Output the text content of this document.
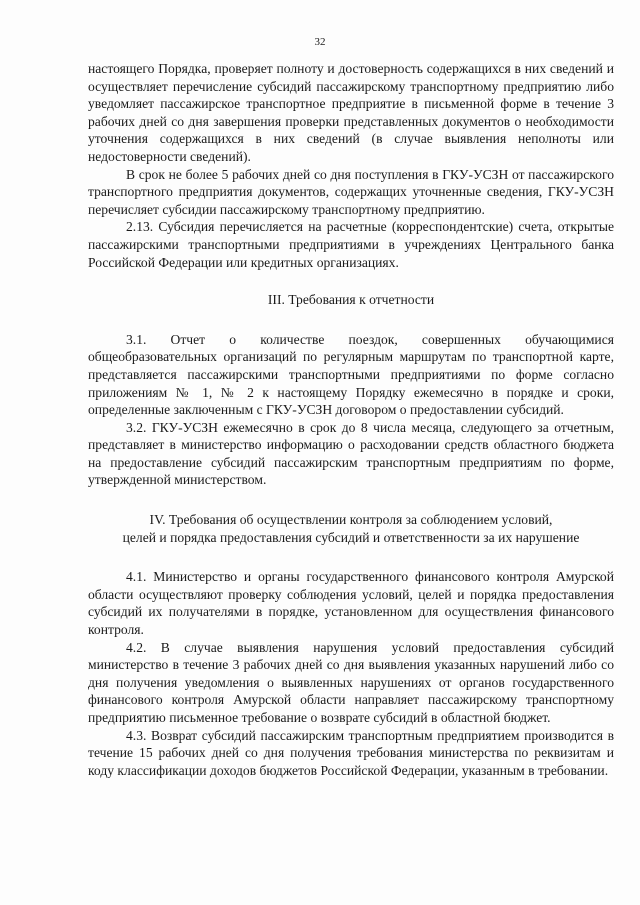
32

настоящего Порядка, проверяет полноту и достоверность содержащихся в них сведений и осуществляет перечисление субсидий пассажирскому транспортному предприятию либо уведомляет пассажирское транспортное предприятие в письменной форме в течение 3 рабочих дней со дня завершения проверки представленных документов о необходимости уточнения содержащихся в них сведений (в случае выявления неполноты или недостоверности сведений).

В срок не более 5 рабочих дней со дня поступления в ГКУ-УСЗН от пассажирского транспортного предприятия документов, содержащих уточненные сведения, ГКУ-УСЗН перечисляет субсидии пассажирскому транспортному предприятию.

2.13. Субсидия перечисляется на расчетные (корреспондентские) счета, открытые пассажирскими транспортными предприятиями в учреждениях Центрального банка Российской Федерации или кредитных организациях.

III. Требования к отчетности

3.1. Отчет о количестве поездок, совершенных обучающимися общеобразовательных организаций по регулярным маршрутам по транспортной карте, представляется пассажирскими транспортными предприятиями по форме согласно приложениям № 1, № 2 к настоящему Порядку ежемесячно в порядке и сроки, определенные заключенным с ГКУ-УСЗН договором о предоставлении субсидий.

3.2. ГКУ-УСЗН ежемесячно в срок до 8 числа месяца, следующего за отчетным, представляет в министерство информацию о расходовании средств областного бюджета на предоставление субсидий пассажирским транспортным предприятиям по форме, утвержденной министерством.

IV. Требования об осуществлении контроля за соблюдением условий,

целей и порядка предоставления субсидий и ответственности за их нарушение

4.1. Министерство и органы государственного финансового контроля Амурской области осуществляют проверку соблюдения условий, целей и порядка предоставления субсидий их получателями в порядке, установленном для осуществления финансового контроля.

4.2. В случае выявления нарушения условий предоставления субсидий министерство в течение 3 рабочих дней со дня выявления указанных нарушений либо со дня получения уведомления о выявленных нарушениях от органов государственного финансового контроля Амурской области направляет пассажирскому транспортному предприятию письменное требование о возврате субсидий в областной бюджет.

4.3. Возврат субсидий пассажирским транспортным предприятием производится в течение 15 рабочих дней со дня получения требования министерства по реквизитам и коду классификации доходов бюджетов Российской Федерации, указанным в требовании.
